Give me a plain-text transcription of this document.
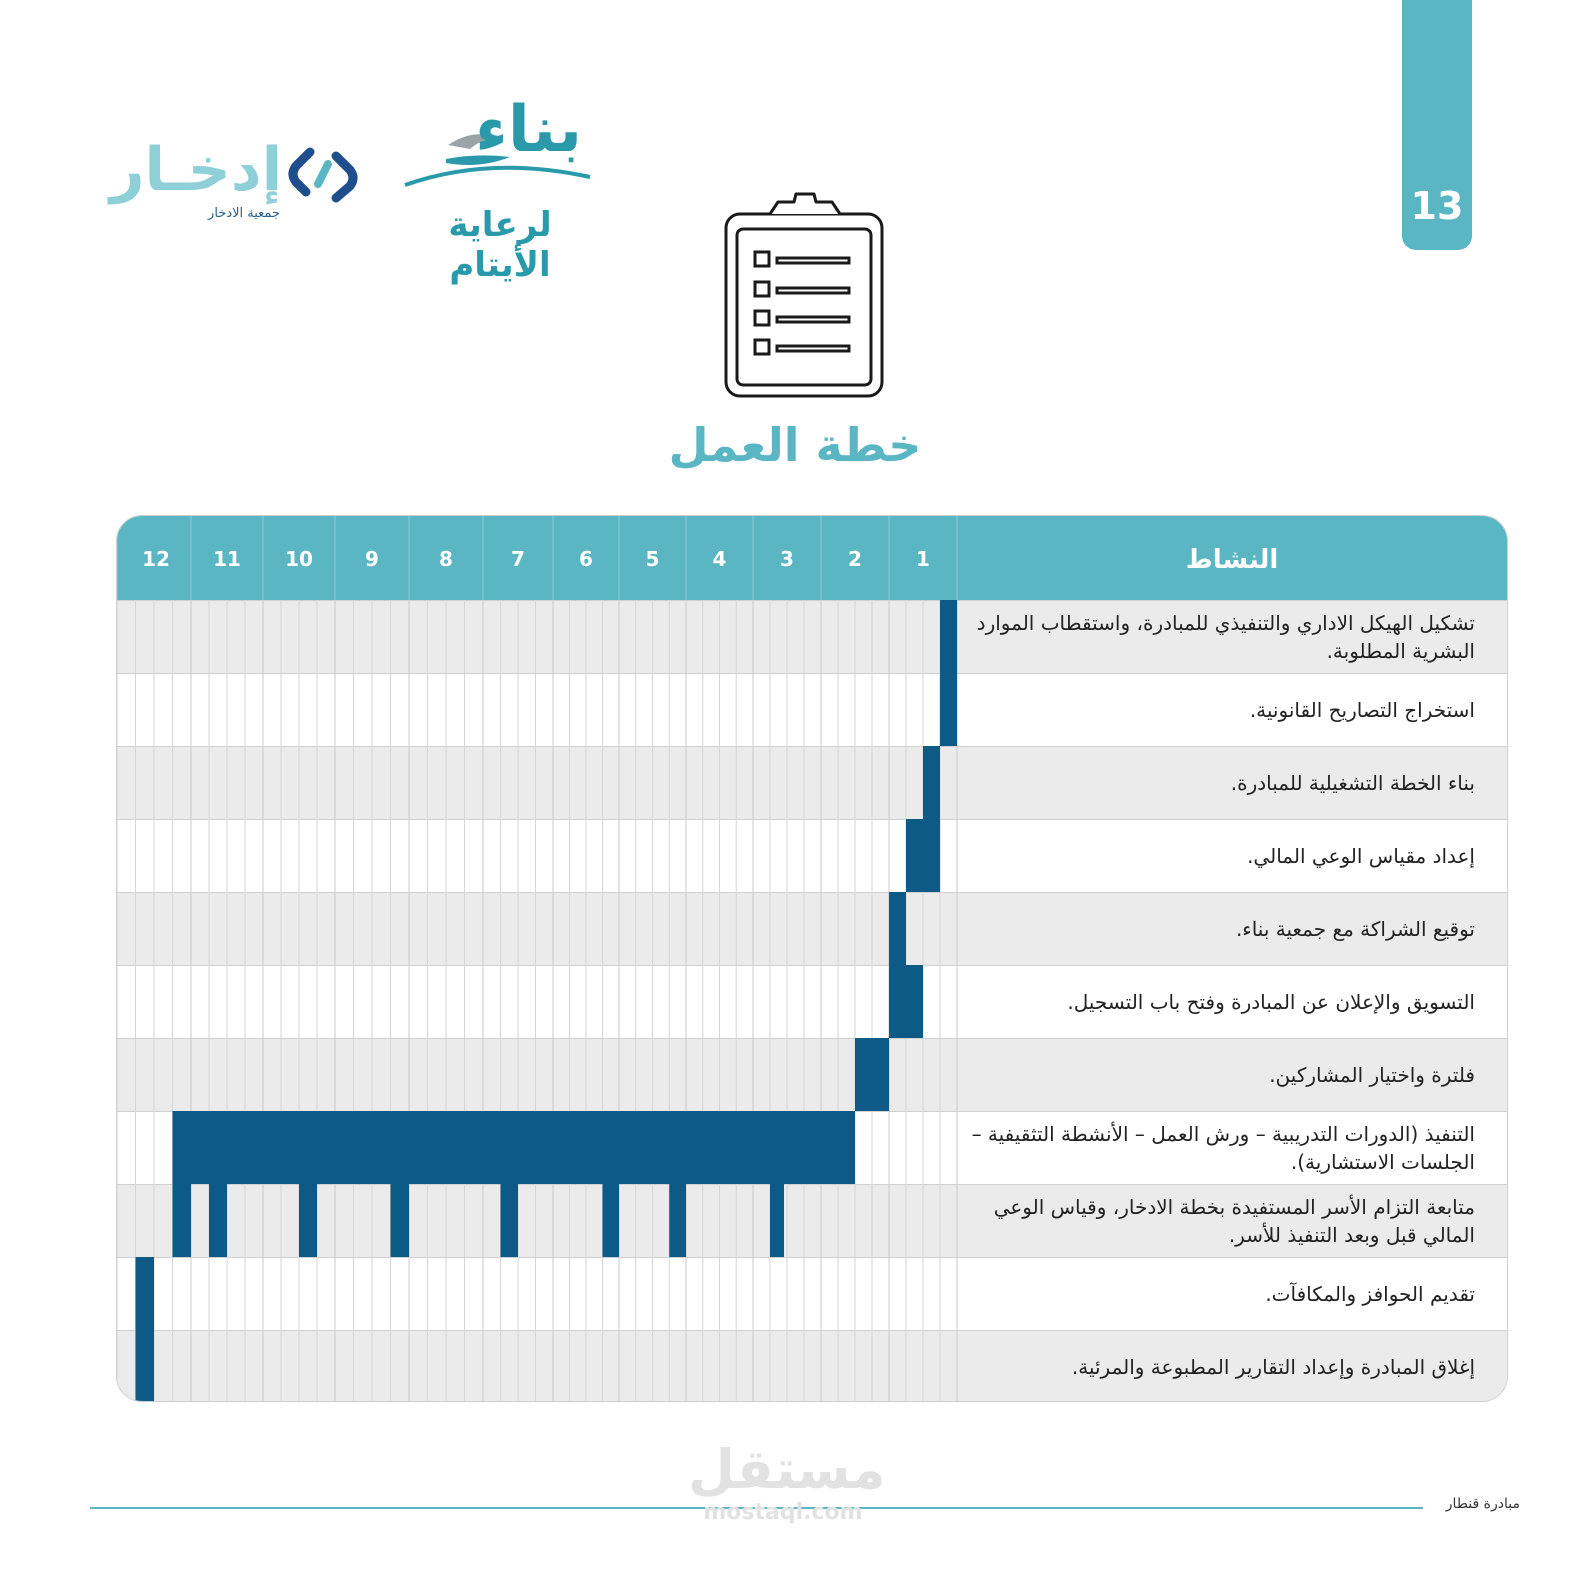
13
إدخـار
جمعية الادخار
بناء
لرعاية الأيتام
خطة العمل
النشاط
1
2
3
4
5
6
7
8
9
10
11
12
تشكيل الهيكل الاداري والتنفيذي للمبادرة، واستقطاب الموارد البشرية المطلوبة.
استخراج التصاريح القانونية.
بناء الخطة التشغيلية للمبادرة.
إعداد مقياس الوعي المالي.
توقيع الشراكة مع جمعية بناء.
التسويق والإعلان عن المبادرة وفتح باب التسجيل.
فلترة واختيار المشاركين.
التنفيذ (الدورات التدريبية – ورش العمل – الأنشطة التثقيفية – الجلسات الاستشارية).
متابعة التزام الأسر المستفيدة بخطة الادخار، وقياس الوعي المالي قبل وبعد التنفيذ للأسر.
تقديم الحوافز والمكافآت.
إغلاق المبادرة وإعداد التقارير المطبوعة والمرئية.
مبادرة قنطار
مستقل
mostaql.com
